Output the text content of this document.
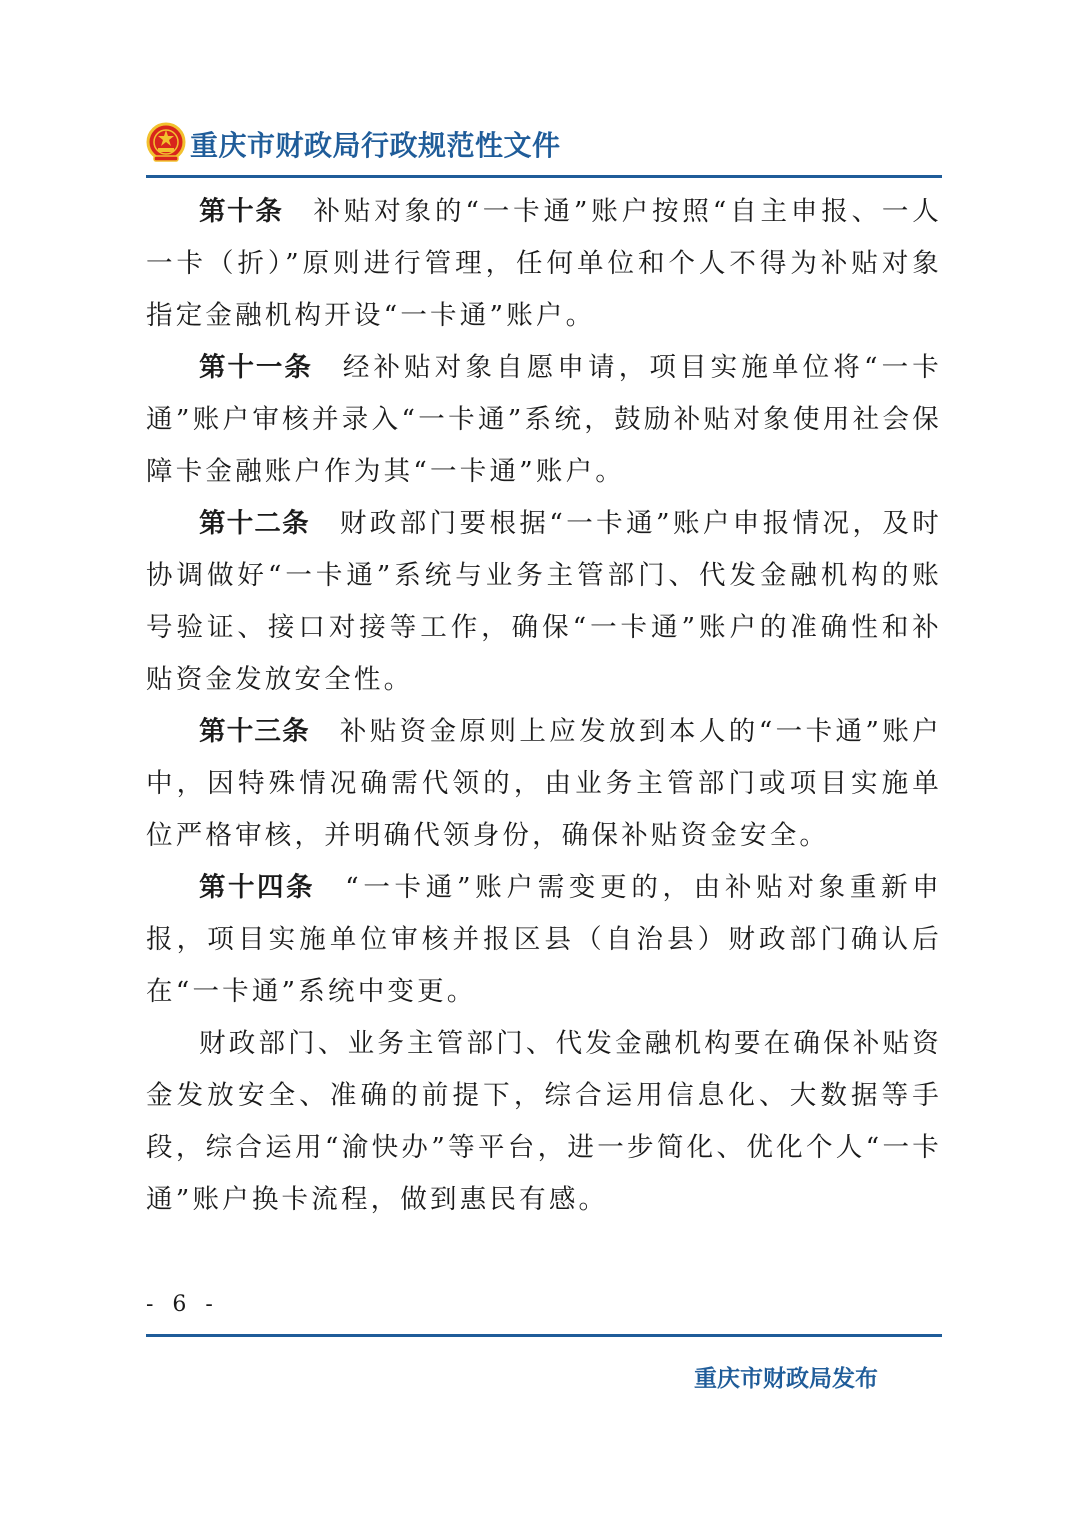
重庆市财政局行政规范性文件

第十条 补贴对象的“一卡通”账户按照“自主申报、一人一卡（折）”原则进行管理，任何单位和个人不得为补贴对象指定金融机构开设“一卡通”账户。

第十一条 经补贴对象自愿申请，项目实施单位将“一卡通”账户审核并录入“一卡通”系统，鼓励补贴对象使用社会保障卡金融账户作为其“一卡通”账户。

第十二条 财政部门要根据“一卡通”账户申报情况，及时协调做好“一卡通”系统与业务主管部门、代发金融机构的账号验证、接口对接等工作，确保“一卡通”账户的准确性和补贴资金发放安全性。

第十三条 补贴资金原则上应发放到本人的“一卡通”账户中，因特殊情况确需代领的，由业务主管部门或项目实施单位严格审核，并明确代领身份，确保补贴资金安全。

第十四条 “一卡通”账户需变更的，由补贴对象重新申报，项目实施单位审核并报区县（自治县）财政部门确认后在“一卡通”系统中变更。

财政部门、业务主管部门、代发金融机构要在确保补贴资金发放安全、准确的前提下，综合运用信息化、大数据等手段，综合运用“渝快办”等平台，进一步简化、优化个人“一卡通”账户换卡流程，做到惠民有感。

- 6 -
重庆市财政局发布
